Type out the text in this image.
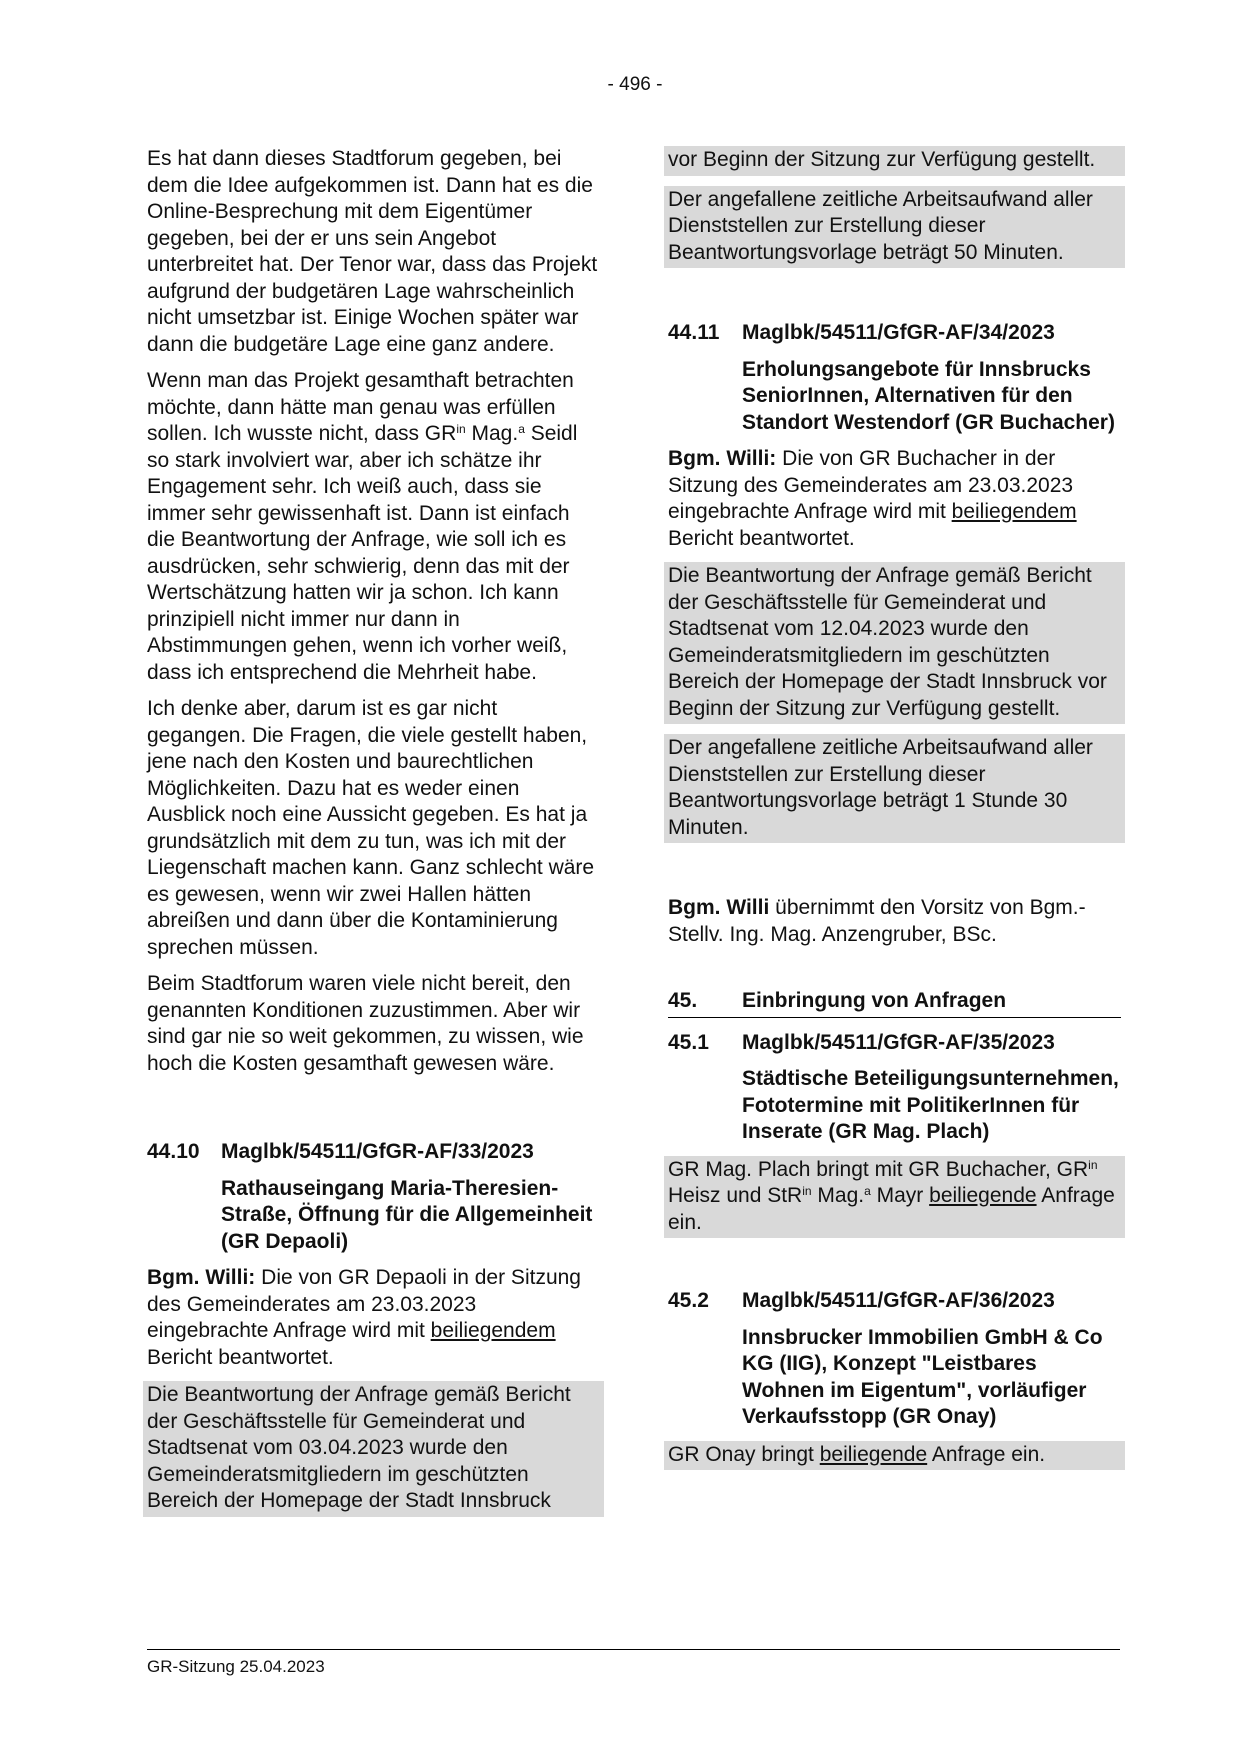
- 496 -

Es hat dann dieses Stadtforum gegeben, bei dem die Idee aufgekommen ist. Dann hat es die Online-Besprechung mit dem Eigentümer gegeben, bei der er uns sein Angebot unterbreitet hat. Der Tenor war, dass das Projekt aufgrund der budgetären Lage wahrscheinlich nicht umsetzbar ist. Einige Wochen später war dann die budgetäre Lage eine ganz andere.

Wenn man das Projekt gesamthaft betrachten möchte, dann hätte man genau was erfüllen sollen. Ich wusste nicht, dass $GR^{in}$ Mag.$^a$ Seidl so stark involviert war, aber ich schätze ihr Engagement sehr. Ich weiß auch, dass sie immer sehr gewissenhaft ist. Dann ist einfach die Beantwortung der Anfrage, wie soll ich es ausdrücken, sehr schwierig, denn das mit der Wertschätzung hatten wir ja schon. Ich kann prinzipiell nicht immer nur dann in Abstimmungen gehen, wenn ich vorher weiß, dass ich entsprechend die Mehrheit habe.

Ich denke aber, darum ist es gar nicht gegangen. Die Fragen, die viele gestellt haben, jene nach den Kosten und baurechtlichen Möglichkeiten. Dazu hat es weder einen Ausblick noch eine Aussicht gegeben. Es hat ja grundsätzlich mit dem zu tun, was ich mit der Liegenschaft machen kann. Ganz schlecht wäre es gewesen, wenn wir zwei Hallen hätten abreißen und dann über die Kontaminierung sprechen müssen.

Beim Stadtforum waren viele nicht bereit, den genannten Konditionen zuzustimmen. Aber wir sind gar nie so weit gekommen, zu wissen, wie hoch die Kosten gesamthaft gewesen wäre.

44.10	Maglbk/54511/GfGR-AF/33/2023
Rathauseingang Maria-Theresien-Straße, Öffnung für die Allgemeinheit (GR Depaoli)

Bgm. Willi: Die von GR Depaoli in der Sitzung des Gemeinderates am 23.03.2023 eingebrachte Anfrage wird mit beiliegendem Bericht beantwortet.

Die Beantwortung der Anfrage gemäß Bericht der Geschäftsstelle für Gemeinderat und Stadtsenat vom 03.04.2023 wurde den Gemeinderatsmitgliedern im geschützten Bereich der Homepage der Stadt Innsbruck

vor Beginn der Sitzung zur Verfügung gestellt.

Der angefallene zeitliche Arbeitsaufwand aller Dienststellen zur Erstellung dieser Beantwortungsvorlage beträgt 50 Minuten.

44.11	Maglbk/54511/GfGR-AF/34/2023
Erholungsangebote für Innsbrucks SeniorInnen, Alternativen für den Standort Westendorf (GR Buchacher)

Bgm. Willi: Die von GR Buchacher in der Sitzung des Gemeinderates am 23.03.2023 eingebrachte Anfrage wird mit beiliegendem Bericht beantwortet.

Die Beantwortung der Anfrage gemäß Bericht der Geschäftsstelle für Gemeinderat und Stadtsenat vom 12.04.2023 wurde den Gemeinderatsmitgliedern im geschützten Bereich der Homepage der Stadt Innsbruck vor Beginn der Sitzung zur Verfügung gestellt.

Der angefallene zeitliche Arbeitsaufwand aller Dienststellen zur Erstellung dieser Beantwortungsvorlage beträgt 1 Stunde 30 Minuten.

Bgm. Willi übernimmt den Vorsitz von Bgm.-Stellv. Ing. Mag. Anzengruber, BSc.

45.	Einbringung von Anfragen
45.1	Maglbk/54511/GfGR-AF/35/2023
Städtische Beteiligungsunternehmen, Fototermine mit PolitikerInnen für Inserate (GR Mag. Plach)

GR Mag. Plach bringt mit GR Buchacher, $GR^{in}$ Heisz und StR$^{in}$ Mag.$^a$ Mayr beiliegende Anfrage ein.

45.2	Maglbk/54511/GfGR-AF/36/2023
Innsbrucker Immobilien GmbH & Co KG (IIG), Konzept "Leistbares Wohnen im Eigentum", vorläufiger Verkaufsstopp (GR Onay)

GR Onay bringt beiliegende Anfrage ein.

GR-Sitzung 25.04.2023
